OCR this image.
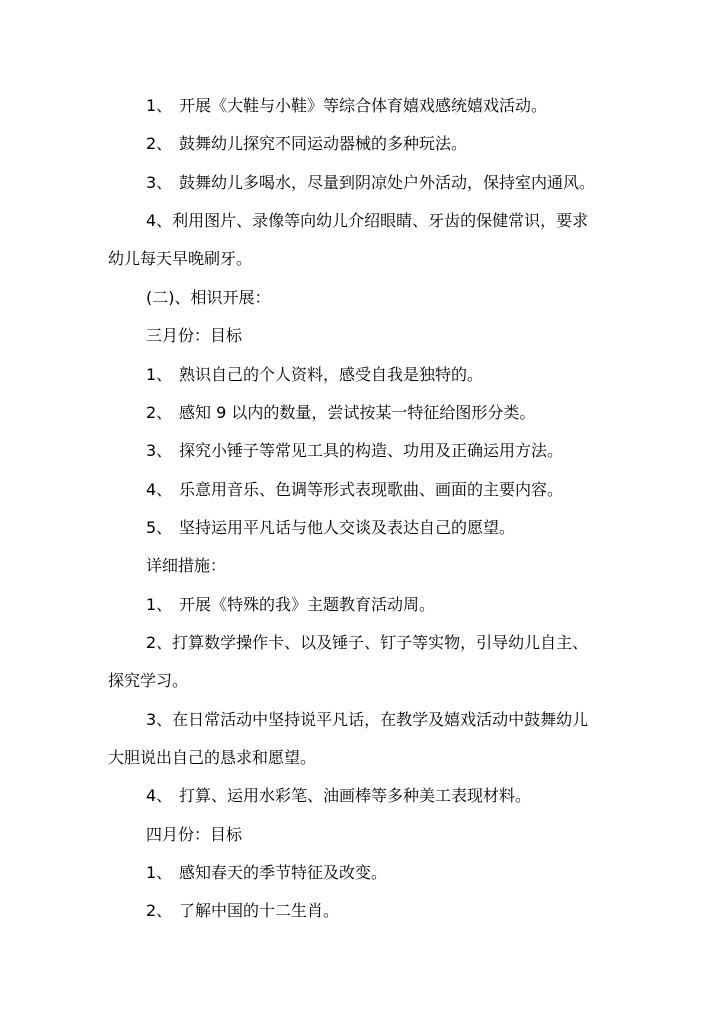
1、 开展《大鞋与小鞋》等综合体育嬉戏感统嬉戏活动。
2、 鼓舞幼儿探究不同运动器械的多种玩法。
3、 鼓舞幼儿多喝水，尽量到阴凉处户外活动，保持室内通风。
4、利用图片、录像等向幼儿介绍眼睛、牙齿的保健常识，要求
幼儿每天早晚刷牙。
(二)、相识开展：
三月份：目标
1、 熟识自己的个人资料，感受自我是独特的。
2、 感知 9 以内的数量，尝试按某一特征给图形分类。
3、 探究小锤子等常见工具的构造、功用及正确运用方法。
4、 乐意用音乐、色调等形式表现歌曲、画面的主要内容。
5、 坚持运用平凡话与他人交谈及表达自己的愿望。
详细措施：
1、 开展《特殊的我》主题教育活动周。
2、打算数学操作卡、以及锤子、钉子等实物，引导幼儿自主、
探究学习。
3、在日常活动中坚持说平凡话，在教学及嬉戏活动中鼓舞幼儿
大胆说出自己的恳求和愿望。
4、 打算、运用水彩笔、油画棒等多种美工表现材料。
四月份：目标
1、 感知春天的季节特征及改变。
2、 了解中国的十二生肖。
